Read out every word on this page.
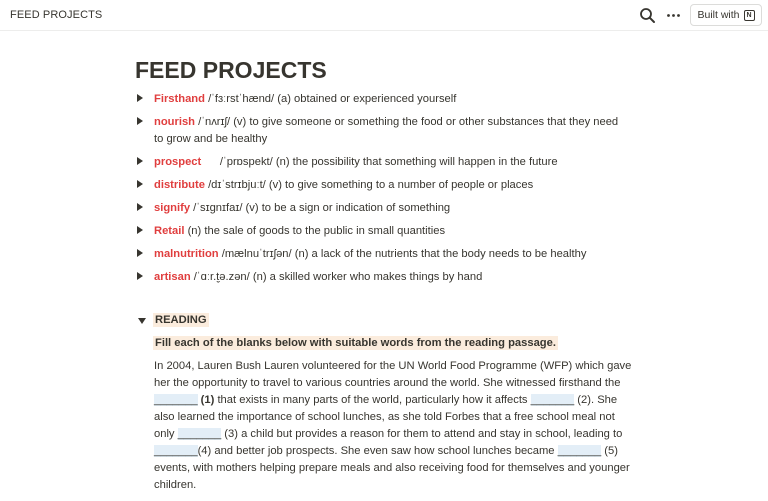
FEED PROJECTS	Built with N
FEED PROJECTS
Firsthand /ˈfɜːrstˈhænd/ (a) obtained or experienced yourself
nourish /ˈnʌrɪʃ/ (v) to give someone or something the food or other substances that they need to grow and be healthy
prospect      /ˈprɒspekt/ (n) the possibility that something will happen in the future
distribute /dɪˈstrɪbjuːt/ (v) to give something to a number of people or places
signify /ˈsɪɡnɪfaɪ/ (v) to be a sign or indication of something
Retail (n) the sale of goods to the public in small quantities
malnutrition /mælnuˈtrɪʃən/ (n) a lack of the nutrients that the body needs to be healthy
artisan /ˈɑːr.t̬ə.zən/ (n) a skilled worker who makes things by hand
READING
Fill each of the blanks below with suitable words from the reading passage.

In 2004, Lauren Bush Lauren volunteered for the UN World Food Programme (WFP) which gave her the opportunity to travel to various countries around the world. She witnessed firsthand the _______ (1) that exists in many parts of the world, particularly how it affects _______ (2). She also learned the importance of school lunches, as she told Forbes that a free school meal not only _______ (3) a child but provides a reason for them to attend and stay in school, leading to _______(4) and better job prospects. She even saw how school lunches became _______ (5) events, with mothers helping prepare meals and also receiving food for themselves and younger children.
